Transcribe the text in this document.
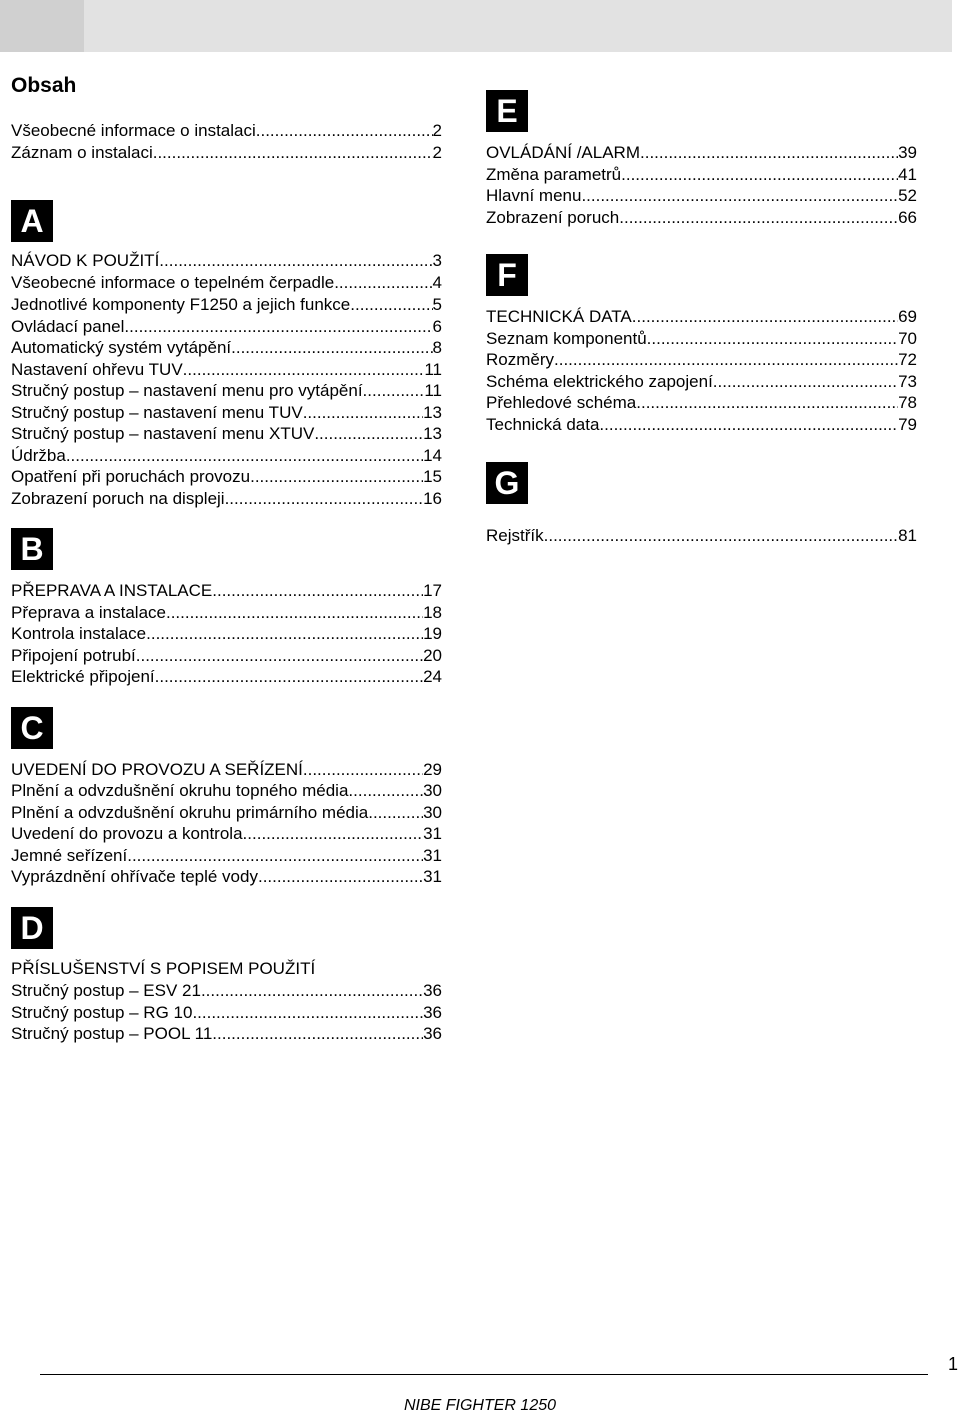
Obsah
Všeobecné informace o instalaci .....	2
Záznam o instalaci .....	2
A
NÁVOD K POUŽITÍ .....	3
Všeobecné informace o tepelném čerpadle .....	4
Jednotlivé komponenty F1250 a jejich funkce .....	5
Ovládací panel .....	6
Automatický systém vytápění .....	8
Nastavení ohřevu TUV .....	11
Stručný postup – nastavení menu pro vytápění .....	11
Stručný postup – nastavení menu TUV .....	13
Stručný postup – nastavení menu XTUV .....	13
Údržba .....	14
Opatření při poruchách provozu .....	15
Zobrazení poruch na displeji .....	16
B
PŘEPRAVA A INSTALACE .....	17
Přeprava a instalace .....	18
Kontrola instalace .....	19
Připojení potrubí .....	20
Elektrické připojení .....	24
C
UVEDENÍ DO PROVOZU A SEŘÍZENÍ .....	29
Plnění a odvzdušnění okruhu topného média .....	30
Plnění a odvzdušnění okruhu primárního média .....	30
Uvedení do provozu a kontrola .....	31
Jemné seřízení .....	31
Vyprázdnění ohřívače teplé vody .....	31
D
PŘÍSLUŠENSTVÍ S POPISEM POUŽITÍ
Stručný postup – ESV 21 .....	36
Stručný postup – RG 10 .....	36
Stručný postup – POOL 11 .....	36
E
OVLÁDÁNÍ /ALARM .....	39
Změna parametrů .....	41
Hlavní menu .....	52
Zobrazení poruch .....	66
F
TECHNICKÁ DATA .....	69
Seznam komponentů .....	70
Rozměry .....	72
Schéma elektrického zapojení .....	73
Přehledové schéma .....	78
Technická data .....	79
G
Rejstřík .....	81
1
NIBE FIGHTER 1250
